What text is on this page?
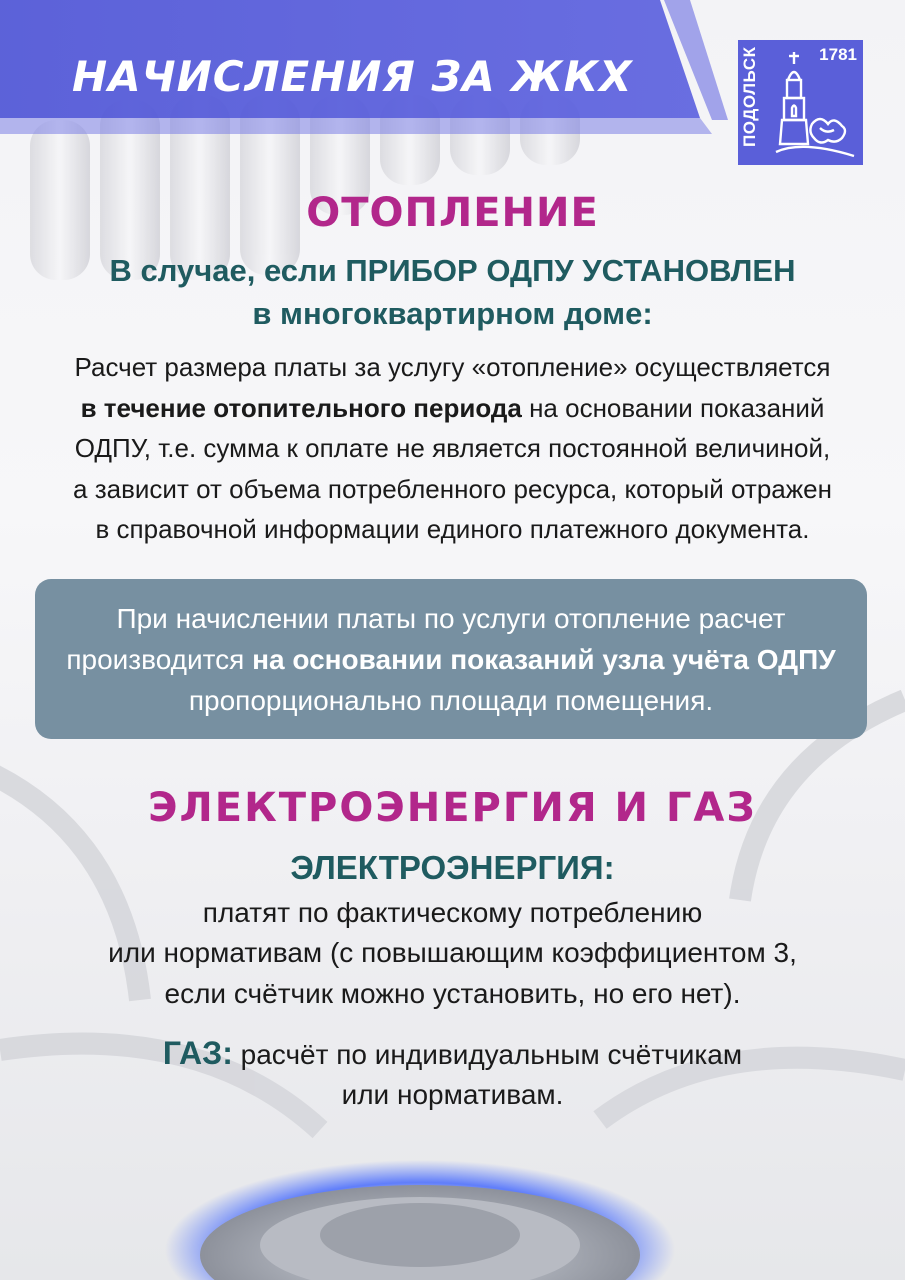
НАЧИСЛЕНИЯ ЗА ЖКХ	ПОДОЛЬСК	1781
ОТОПЛЕНИЕ
В случае, если ПРИБОР ОДПУ УСТАНОВЛЕН
в многоквартирном доме:
Расчет размера платы за услугу «отопление» осуществляется
в течение отопительного периода на основании показаний
ОДПУ, т.е. сумма к оплате не является постоянной величиной,
а зависит от объема потребленного ресурса, который отражен
в справочной информации единого платежного документа.
При начислении платы по услуги отопление расчет
производится на основании показаний узла учёта ОДПУ
пропорционально площади помещения.
ЭЛЕКТРОЭНЕРГИЯ И ГАЗ
ЭЛЕКТРОЭНЕРГИЯ:
платят по фактическому потреблению
или нормативам (с повышающим коэффициентом 3,
если счётчик можно установить, но его нет).
ГАЗ: расчёт по индивидуальным счётчикам
или нормативам.
